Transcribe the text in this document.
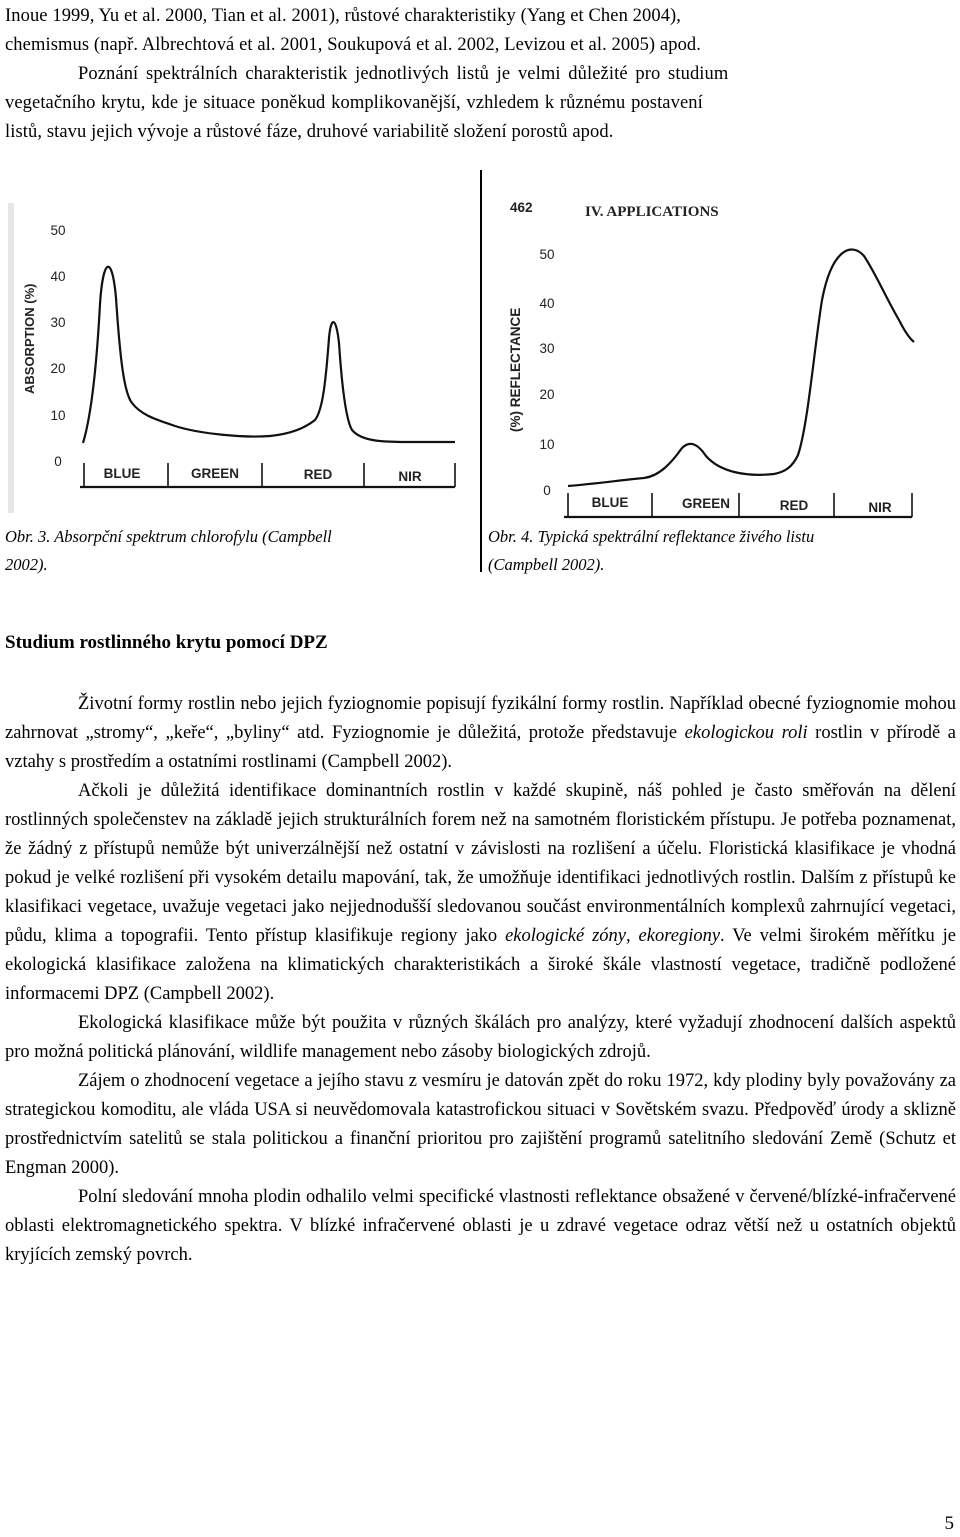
Inoue 1999, Yu et al. 2000, Tian et al. 2001), růstové charakteristiky (Yang et Chen 2004),
chemismus (např. Albrechtová et al. 2001, Soukupová et al. 2002, Levizou et al. 2005) apod.
Poznání spektrálních charakteristik jednotlivých listů je velmi důležité pro studium
vegetačního krytu, kde je situace poněkud komplikovanější, vzhledem k různému postavení
listů, stavu jejich vývoje a růstové fáze, druhové variabilitě složení porostů apod.
ABSORPTION (%)
50
40
30
20
10
0
BLUE	GREEN	RED	NIR
462	IV. APPLICATIONS
(%) REFLECTANCE
50
40
30
20
10
0
BLUE	GREEN	RED	NIR
Obr. 3. Absorpční spektrum chlorofylu (Campbell
2002).
Obr. 4. Typická spektrální reflektance živého listu
(Campbell 2002).
Studium rostlinného krytu pomocí DPZ

Životní formy rostlin nebo jejich fyziognomie popisují fyzikální formy rostlin. Například obecné fyziognomie mohou zahrnovat „stromy“, „keře“, „byliny“ atd. Fyziognomie je důležitá, protože představuje ekologickou roli rostlin v přírodě a vztahy s prostředím a ostatními rostlinami (Campbell 2002).

Ačkoli je důležitá identifikace dominantních rostlin v každé skupině, náš pohled je často směřován na dělení rostlinných společenstev na základě jejich strukturálních forem než na samotném floristickém přístupu. Je potřeba poznamenat, že žádný z přístupů nemůže být univerzálnější než ostatní v závislosti na rozlišení a účelu. Floristická klasifikace je vhodná pokud je velké rozlišení při vysokém detailu mapování, tak, že umožňuje identifikaci jednotlivých rostlin. Dalším z přístupů ke klasifikaci vegetace, uvažuje vegetaci jako nejjednodušší sledovanou součást environmentálních komplexů zahrnující vegetaci, půdu, klima a topografii. Tento přístup klasifikuje regiony jako ekologické zóny, ekoregiony. Ve velmi širokém měřítku je ekologická klasifikace založena na klimatických charakteristikách a široké škále vlastností vegetace, tradičně podložené informacemi DPZ (Campbell 2002).

Ekologická klasifikace může být použita v různých škálách pro analýzy, které vyžadují zhodnocení dalších aspektů pro možná politická plánování, wildlife management nebo zásoby biologických zdrojů.

Zájem o zhodnocení vegetace a jejího stavu z vesmíru je datován zpět do roku 1972, kdy plodiny byly považovány za strategickou komoditu, ale vláda USA si neuvědomovala katastrofickou situaci v Sovětském svazu. Předpověď úrody a sklizně prostřednictvím satelitů se stala politickou a finanční prioritou pro zajištění programů satelitního sledování Země (Schutz et Engman 2000).

Polní sledování mnoha plodin odhalilo velmi specifické vlastnosti reflektance obsažené v červené/blízké-infračervené oblasti elektromagnetického spektra. V blízké infračervené oblasti je u zdravé vegetace odraz větší než u ostatních objektů kryjících zemský povrch.

5
